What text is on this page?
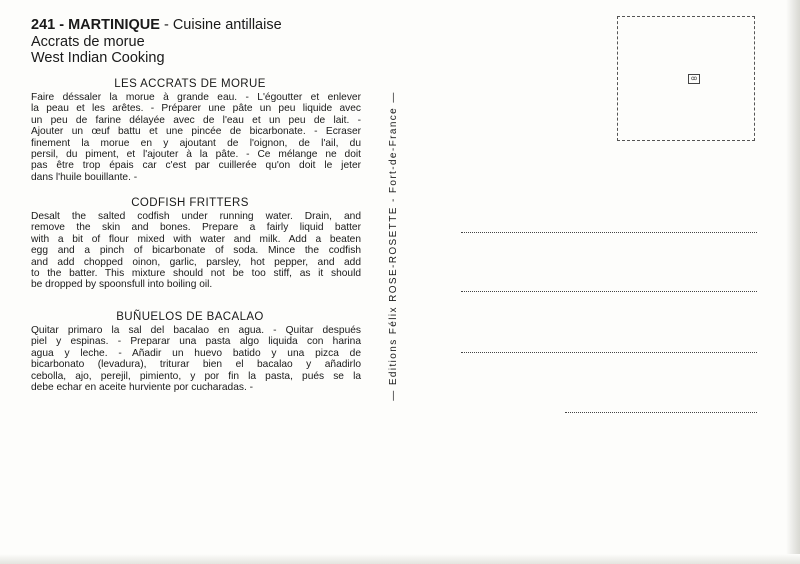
241 - MARTINIQUE - Cuisine antillaise
Accrats de morue
West Indian Cooking
LES ACCRATS DE MORUE
Faire déssaler la morue à grande eau. - L'égoutter et enlever
la peau et les arêtes. - Préparer une pâte un peu liquide avec
un peu de farine délayée avec de l'eau et un peu de lait. -
Ajouter un œuf battu et une pincée de bicarbonate. - Ecraser
finement la morue en y ajoutant de l'oignon, de l'ail, du
persil, du piment, et l'ajouter à la pâte. - Ce mélange ne doit
pas être trop épais car c'est par cuillerée qu'on doit le jeter
dans l'huile bouillante. -
CODFISH FRITTERS
Desalt the salted codfish under running water. Drain, and
remove the skin and bones. Prepare a fairly liquid batter
with a bit of flour mixed with water and milk. Add a beaten
egg and a pinch of bicarbonate of soda. Mince the codfish
and add chopped oinon, garlic, parsley, hot pepper, and add
to the batter. This mixture should not be too stiff, as it should
be dropped by spoonsfull into boiling oil.
BUÑUELOS DE BACALAO
Quitar primaro la sal del bacalao en agua. - Quitar después
piel y espinas. - Preparar una pasta algo liquida con harina
agua y leche. - Añadir un huevo batido y una pizca de
bicarbonato (levadura), triturar bien el bacalao y añadirlo
cebolla, ajo, perejil, pimiento, y por fin la pasta, pués se la
debe echar en aceite hurviente por cucharadas. -	— Editions Félix ROSE-ROSETTE - Fort-de-France —
ꝏ
